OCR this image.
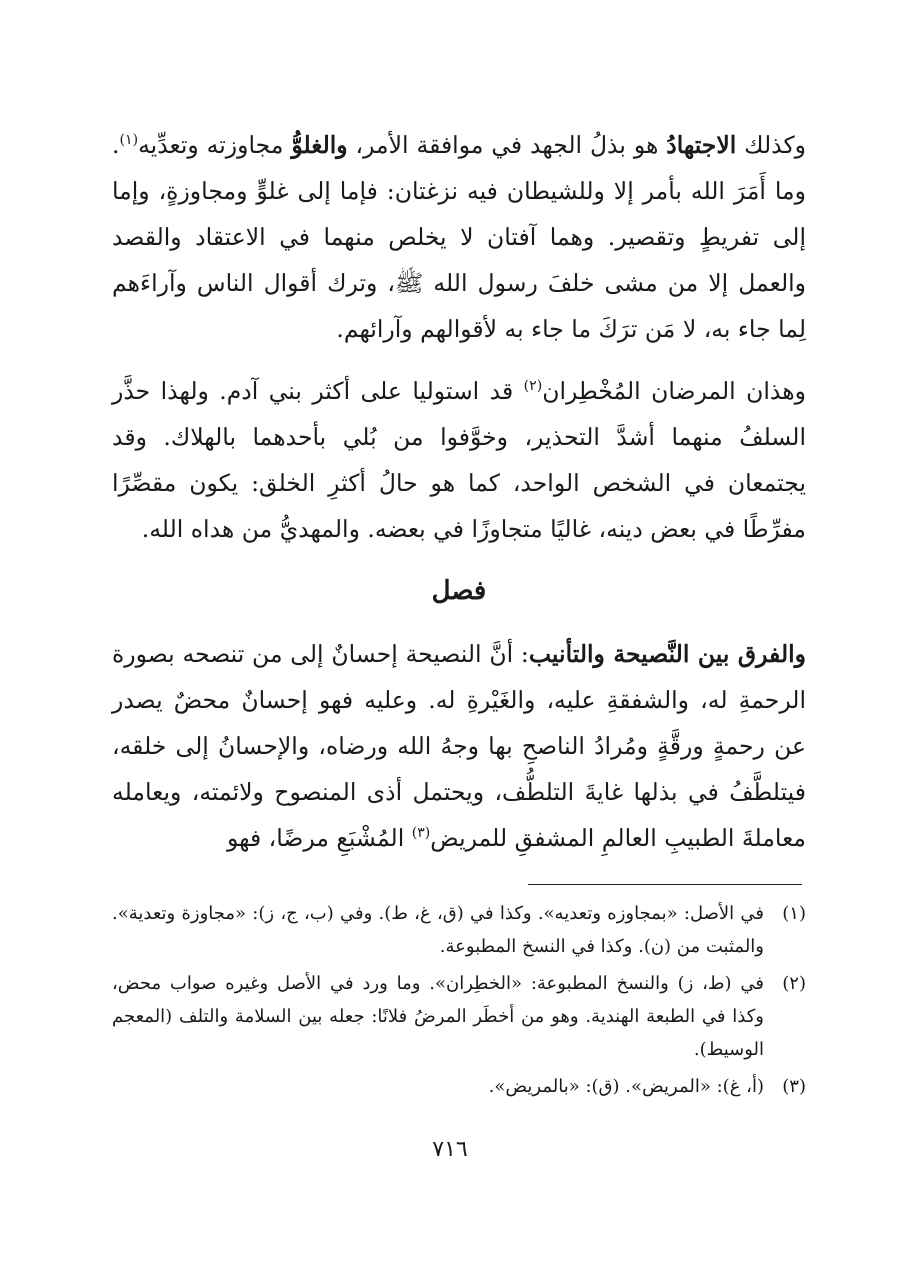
وكذلك الاجتهادُ هو بذلُ الجهد في موافقة الأمر، والغلوُّ مجاوزته وتعدِّيه$^{(١)}$. وما أَمَرَ الله بأمر إلا وللشيطان فيه نزغتان: فإما إلى غلوٍّ ومجاوزةٍ، وإما إلى تفريطٍ وتقصير. وهما آفتان لا يخلص منهما في الاعتقاد والقصد والعمل إلا من مشى خلفَ رسول الله ﷺ، وترك أقوال الناس وآراءَهم لِما جاء به، لا مَن ترَكَ ما جاء به لأقوالهم وآرائهم.

وهذان المرضان المُخْطِران$^{(٢)}$ قد استوليا على أكثر بني آدم. ولهذا حذَّر السلفُ منهما أشدَّ التحذير، وخوَّفوا من بُلي بأحدهما بالهلاك. وقد يجتمعان في الشخص الواحد، كما هو حالُ أكثرِ الخلق: يكون مقصِّرًا مفرِّطًا في بعض دينه، غاليًا متجاوزًا في بعضه. والمهديُّ من هداه الله.

فصل

والفرق بين النَّصيحة والتأنيب: أنَّ النصيحة إحسانٌ إلى من تنصحه بصورة الرحمةِ له، والشفقةِ عليه، والغَيْرةِ له. وعليه فهو إحسانٌ محضٌ يصدر عن رحمةٍ ورقَّةٍ ومُرادُ الناصحِ بها وجهُ الله ورضاه، والإحسانُ إلى خلقه، فيتلطَّفُ في بذلها غايةَ التلطُّف، ويحتمل أذى المنصوح ولائمته، ويعامله معاملةَ الطبيبِ العالمِ المشفقِ للمريض$^{(٣)}$ المُشْبَعِ مرضًا، فهو

(١)
في الأصل: «بمجاوزه وتعديه». وكذا في (ق، غ، ط). وفي (ب، ج، ز): «مجاوزة وتعدية». والمثبت من (ن). وكذا في النسخ المطبوعة.
(٢)
في (ط، ز) والنسخ المطبوعة: «الخطِران». وما ورد في الأصل وغيره صواب محض، وكذا في الطبعة الهندية. وهو من أخطَر المرضُ فلانًا: جعله بين السلامة والتلف (المعجم الوسيط).
(٣)
(أ، غ): «المريض». (ق): «بالمريض».
٧١٦
